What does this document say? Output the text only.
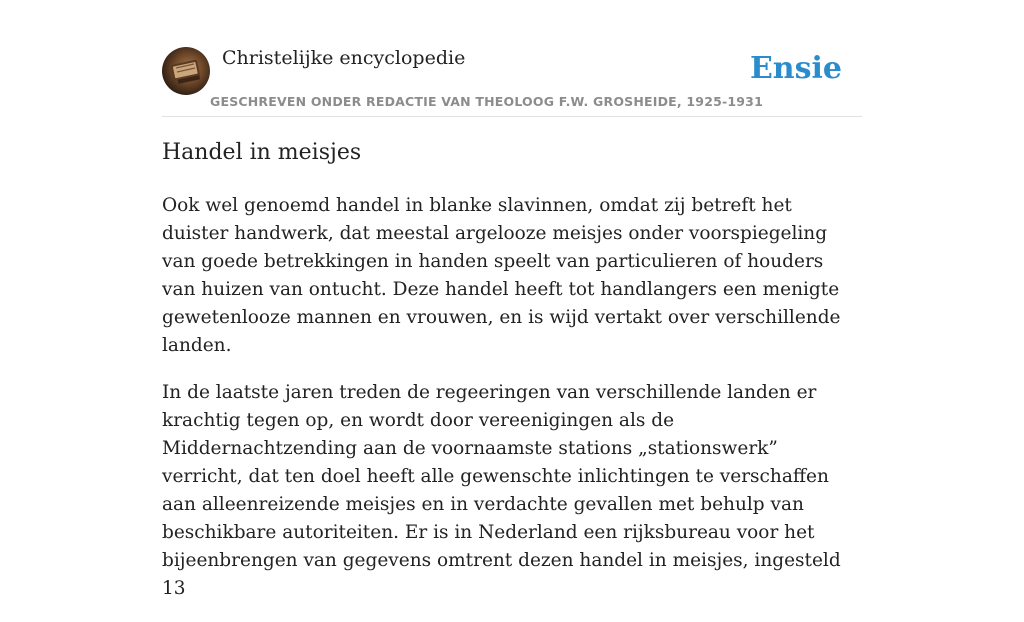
Christelijke encyclopedie
GESCHREVEN ONDER REDACTIE VAN THEOLOOG F.W. GROSHEIDE, 1925-1931
Ensie
Handel in meisjes

Ook wel genoemd handel in blanke slavinnen, omdat zij betreft het duister handwerk, dat meestal argelooze meisjes onder voorspiegeling van goede betrekkingen in handen speelt van particulieren of houders van huizen van ontucht. Deze handel heeft tot handlangers een menigte gewetenlooze mannen en vrouwen, en is wijd vertakt over verschillende landen.

In de laatste jaren treden de regeeringen van verschillende landen er krachtig tegen op, en wordt door vereenigingen als de Middernachtzending aan de voornaamste stations „stationswerk” verricht, dat ten doel heeft alle gewenschte inlichtingen te verschaffen aan alleenreizende meisjes en in verdachte gevallen met behulp van beschikbare autoriteiten. Er is in Nederland een rijksbureau voor het bijeenbrengen van gegevens omtrent dezen handel in meisjes, ingesteld 13
